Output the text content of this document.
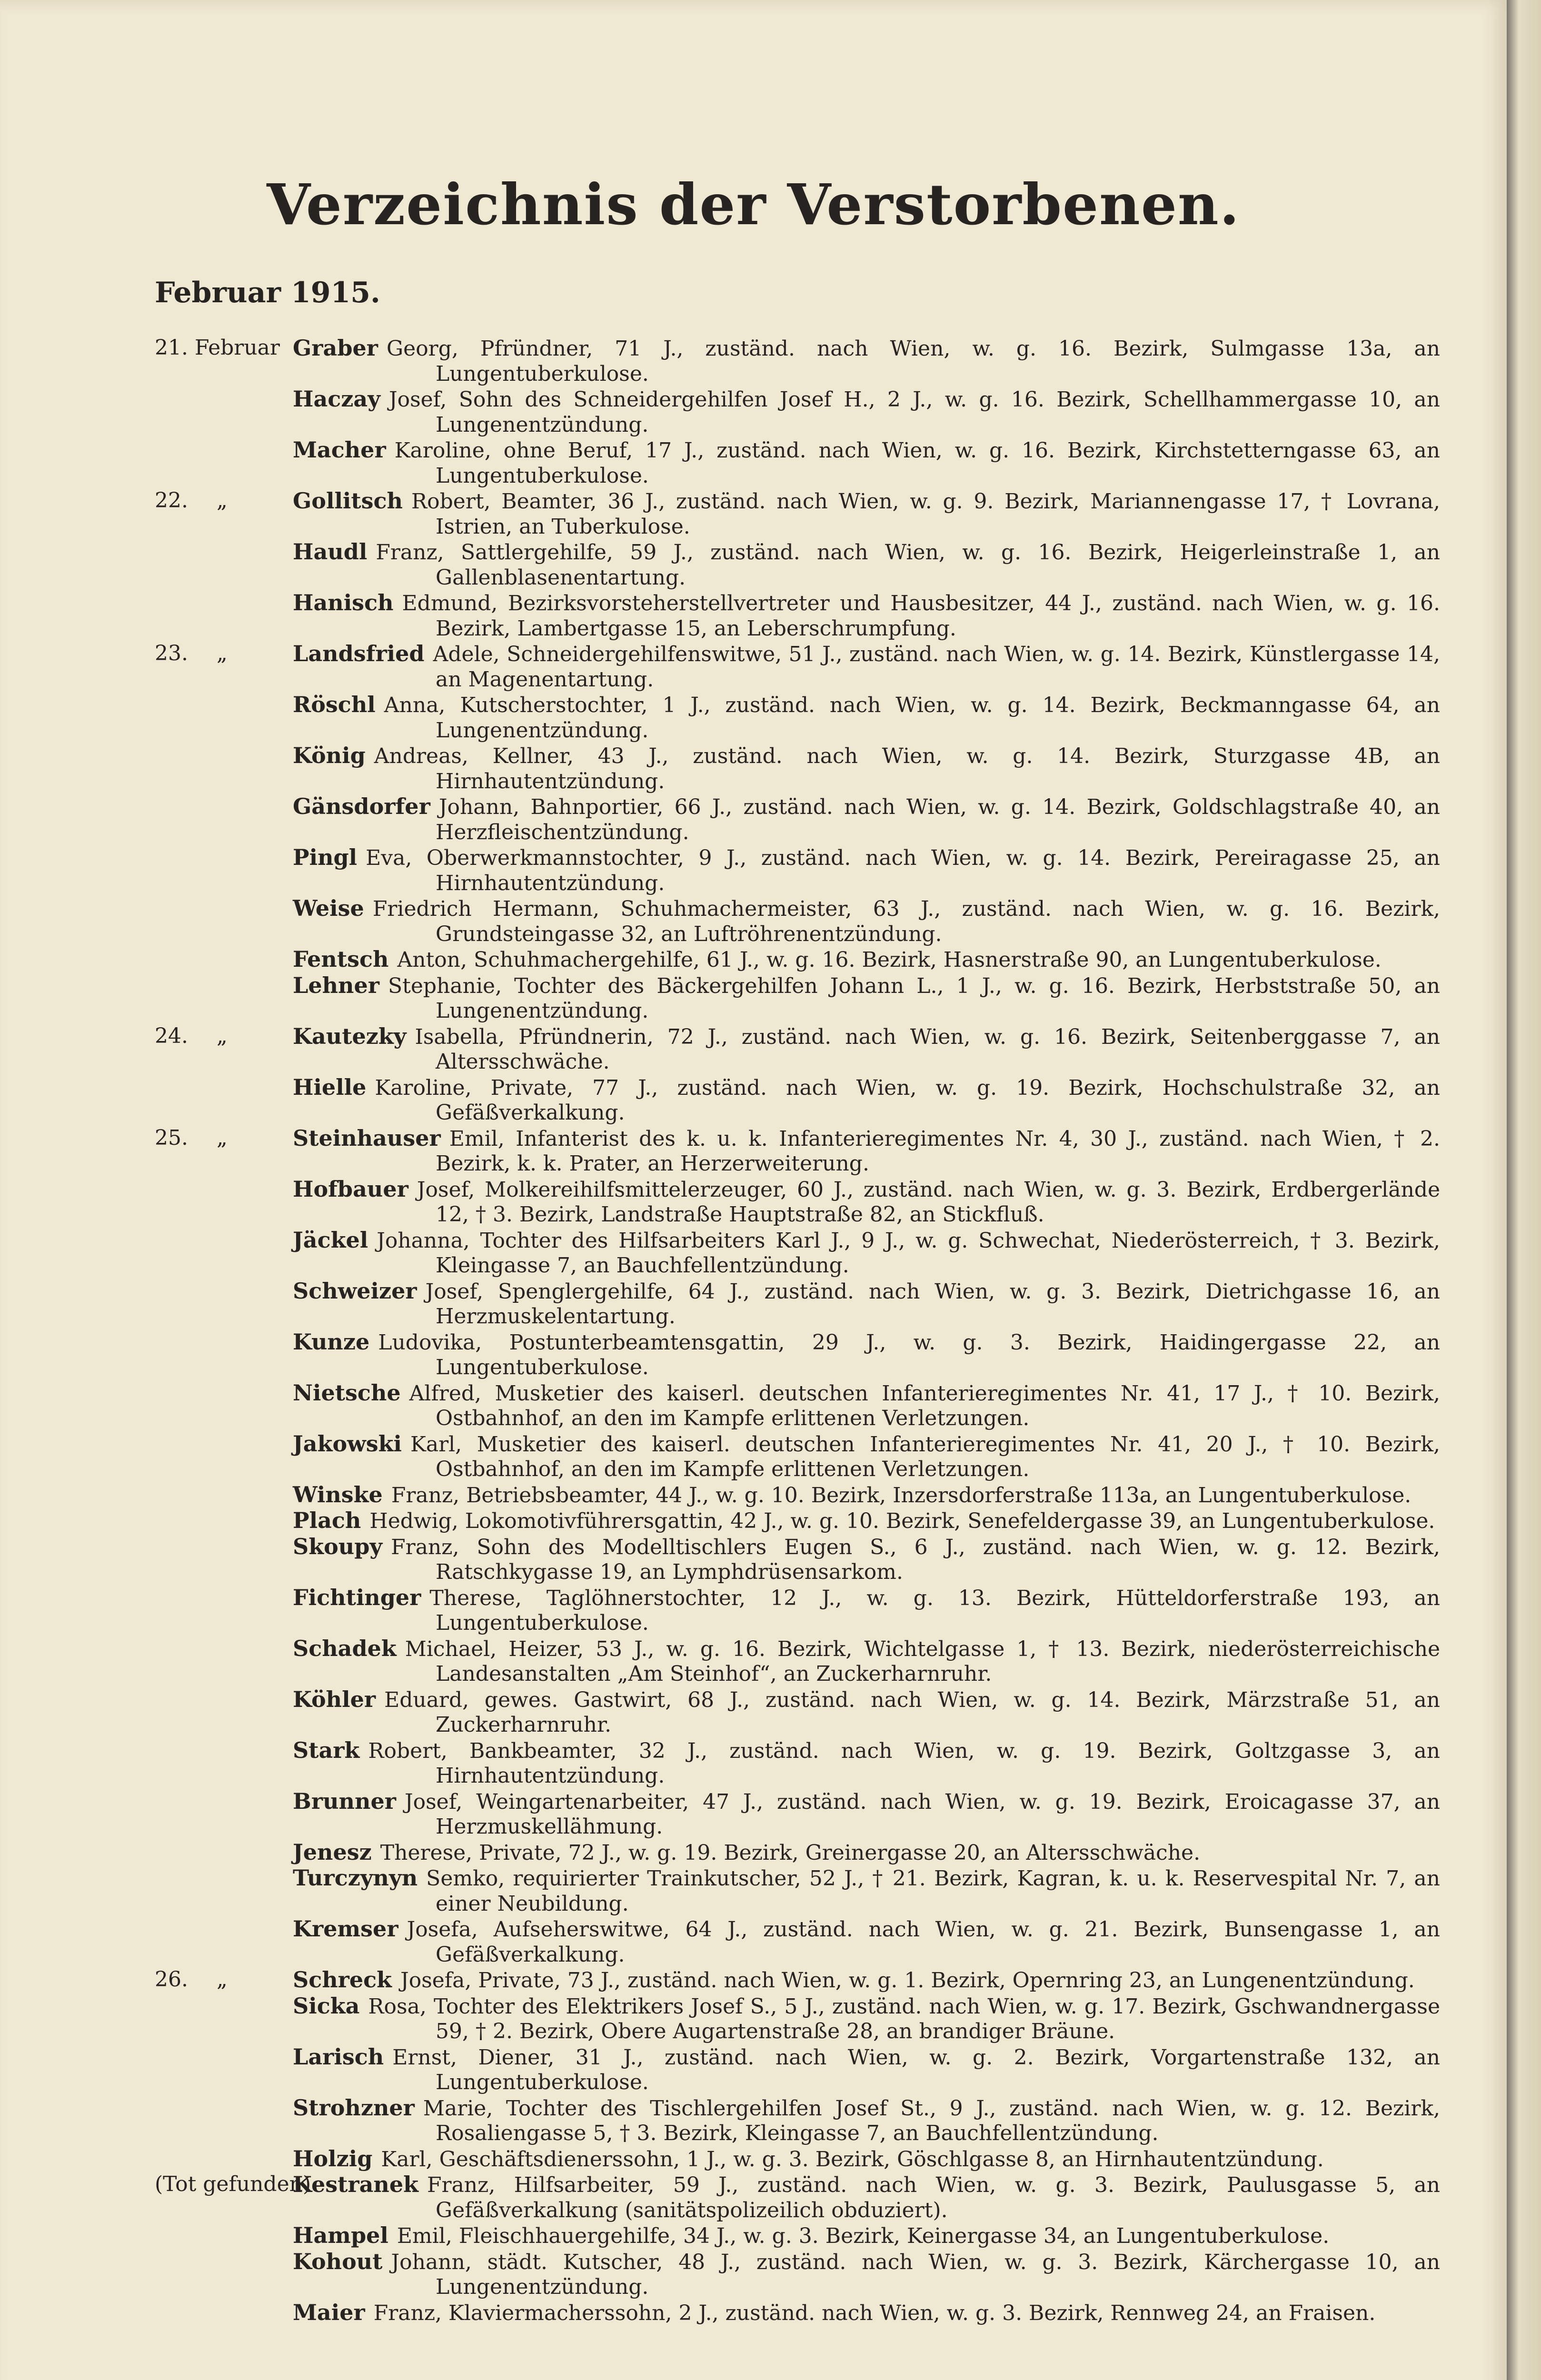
Verzeichnis der Verstorbenen.
Februar 1915.
21. Februar Graber Georg, Pfründner, 71 J., zuständ. nach Wien, w. g. 16. Bezirk, Sulmgasse 13a, an Lungentuberkulose.
Haczay Josef, Sohn des Schneidergehilfen Josef H., 2 J., w. g. 16. Bezirk, Schellhammergasse 10, an Lungenentzündung.
Macher Karoline, ohne Beruf, 17 J., zuständ. nach Wien, w. g. 16. Bezirk, Kirchstetterngasse 63, an Lungentuberkulose.
22. „	Gollitsch Robert, Beamter, 36 J., zuständ. nach Wien, w. g. 9. Bezirk, Mariannengasse 17, † Lovrana, Istrien, an Tuberkulose.
Haudl Franz, Sattlergehilfe, 59 J., zuständ. nach Wien, w. g. 16. Bezirk, Heigerleinstraße 1, an Gallenblasenentartung.
Hanisch Edmund, Bezirksvorsteherstellvertreter und Hausbesitzer, 44 J., zuständ. nach Wien, w. g. 16. Bezirk, Lambertgasse 15, an Leberschrumpfung.
23. „	Landsfried Adele, Schneidergehilfenswitwe, 51 J., zuständ. nach Wien, w. g. 14. Bezirk, Künstlergasse 14, an Magenentartung.
Röschl Anna, Kutscherstochter, 1 J., zuständ. nach Wien, w. g. 14. Bezirk, Beckmanngasse 64, an Lungenentzündung.
König Andreas, Kellner, 43 J., zuständ. nach Wien, w. g. 14. Bezirk, Sturzgasse 4B, an Hirnhautentzündung.
Gänsdorfer Johann, Bahnportier, 66 J., zuständ. nach Wien, w. g. 14. Bezirk, Goldschlagstraße 40, an Herzfleischentzündung.
Pingl Eva, Oberwerkmannstochter, 9 J., zuständ. nach Wien, w. g. 14. Bezirk, Pereiragasse 25, an Hirnhautentzündung.
Weise Friedrich Hermann, Schuhmachermeister, 63 J., zuständ. nach Wien, w. g. 16. Bezirk, Grundsteingasse 32, an Luftröhrenentzündung.
Fentsch Anton, Schuhmachergehilfe, 61 J., w. g. 16. Bezirk, Hasnerstraße 90, an Lungentuberkulose.
Lehner Stephanie, Tochter des Bäckergehilfen Johann L., 1 J., w. g. 16. Bezirk, Herbststraße 50, an Lungenentzündung.
24. „	Kautezky Isabella, Pfründnerin, 72 J., zuständ. nach Wien, w. g. 16. Bezirk, Seitenberggasse 7, an Altersschwäche.
Hielle Karoline, Private, 77 J., zuständ. nach Wien, w. g. 19. Bezirk, Hochschulstraße 32, an Gefäßverkalkung.
25. „	Steinhauser Emil, Infanterist des k. u. k. Infanterieregimentes Nr. 4, 30 J., zuständ. nach Wien, † 2. Bezirk, k. k. Prater, an Herzerweiterung.
Hofbauer Josef, Molkereihilfsmittelerzeuger, 60 J., zuständ. nach Wien, w. g. 3. Bezirk, Erdbergerlände 12, † 3. Bezirk, Landstraße Hauptstraße 82, an Stickfluß.
Jäckel Johanna, Tochter des Hilfsarbeiters Karl J., 9 J., w. g. Schwechat, Niederösterreich, † 3. Bezirk, Kleingasse 7, an Bauchfellentzündung.
Schweizer Josef, Spenglergehilfe, 64 J., zuständ. nach Wien, w. g. 3. Bezirk, Dietrichgasse 16, an Herzmuskelentartung.
Kunze Ludovika, Postunterbeamtensgattin, 29 J., w. g. 3. Bezirk, Haidingergasse 22, an Lungentuberkulose.
Nietsche Alfred, Musketier des kaiserl. deutschen Infanterieregimentes Nr. 41, 17 J., † 10. Bezirk, Ostbahnhof, an den im Kampfe erlittenen Verletzungen.
Jakowski Karl, Musketier des kaiserl. deutschen Infanterieregimentes Nr. 41, 20 J., † 10. Bezirk, Ostbahnhof, an den im Kampfe erlittenen Verletzungen.
Winske Franz, Betriebsbeamter, 44 J., w. g. 10. Bezirk, Inzersdorferstraße 113a, an Lungentuberkulose.
Plach Hedwig, Lokomotivführersgattin, 42 J., w. g. 10. Bezirk, Senefeldergasse 39, an Lungentuberkulose.
Skoupy Franz, Sohn des Modelltischlers Eugen S., 6 J., zuständ. nach Wien, w. g. 12. Bezirk, Ratschkygasse 19, an Lymphdrüsensarkom.
Fichtinger Therese, Taglöhnerstochter, 12 J., w. g. 13. Bezirk, Hütteldorferstraße 193, an Lungentuberkulose.
Schadek Michael, Heizer, 53 J., w. g. 16. Bezirk, Wichtelgasse 1, † 13. Bezirk, niederösterreichische Landesanstalten „Am Steinhof“, an Zuckerharnruhr.
Köhler Eduard, gewes. Gastwirt, 68 J., zuständ. nach Wien, w. g. 14. Bezirk, Märzstraße 51, an Zuckerharnruhr.
Stark Robert, Bankbeamter, 32 J., zuständ. nach Wien, w. g. 19. Bezirk, Goltzgasse 3, an Hirnhautentzündung.
Brunner Josef, Weingartenarbeiter, 47 J., zuständ. nach Wien, w. g. 19. Bezirk, Eroicagasse 37, an Herzmuskellähmung.
Jenesz Therese, Private, 72 J., w. g. 19. Bezirk, Greinergasse 20, an Altersschwäche.
Turczynyn Semko, requirierter Trainkutscher, 52 J., † 21. Bezirk, Kagran, k. u. k. Reservespital Nr. 7, an einer Neubildung.
Kremser Josefa, Aufseherswitwe, 64 J., zuständ. nach Wien, w. g. 21. Bezirk, Bunsengasse 1, an Gefäßverkalkung.
26. „	Schreck Josefa, Private, 73 J., zuständ. nach Wien, w. g. 1. Bezirk, Opernring 23, an Lungenentzündung.
Sicka Rosa, Tochter des Elektrikers Josef S., 5 J., zuständ. nach Wien, w. g. 17. Bezirk, Gschwandnergasse 59, † 2. Bezirk, Obere Augartenstraße 28, an brandiger Bräune.
Larisch Ernst, Diener, 31 J., zuständ. nach Wien, w. g. 2. Bezirk, Vorgartenstraße 132, an Lungentuberkulose.
Strohzner Marie, Tochter des Tischlergehilfen Josef St., 9 J., zuständ. nach Wien, w. g. 12. Bezirk, Rosaliengasse 5, † 3. Bezirk, Kleingasse 7, an Bauchfellentzündung.
Holzig Karl, Geschäftsdienerssohn, 1 J., w. g. 3. Bezirk, Göschlgasse 8, an Hirnhautentzündung.
(Tot gefunden)
Kestranek Franz, Hilfsarbeiter, 59 J., zuständ. nach Wien, w. g. 3. Bezirk, Paulusgasse 5, an Gefäßverkalkung (sanitätspolizeilich obduziert).
Hampel Emil, Fleischhauergehilfe, 34 J., w. g. 3. Bezirk, Keinergasse 34, an Lungentuberkulose.
Kohout Johann, städt. Kutscher, 48 J., zuständ. nach Wien, w. g. 3. Bezirk, Kärchergasse 10, an Lungenentzündung.
Maier Franz, Klaviermacherssohn, 2 J., zuständ. nach Wien, w. g. 3. Bezirk, Rennweg 24, an Fraisen.
